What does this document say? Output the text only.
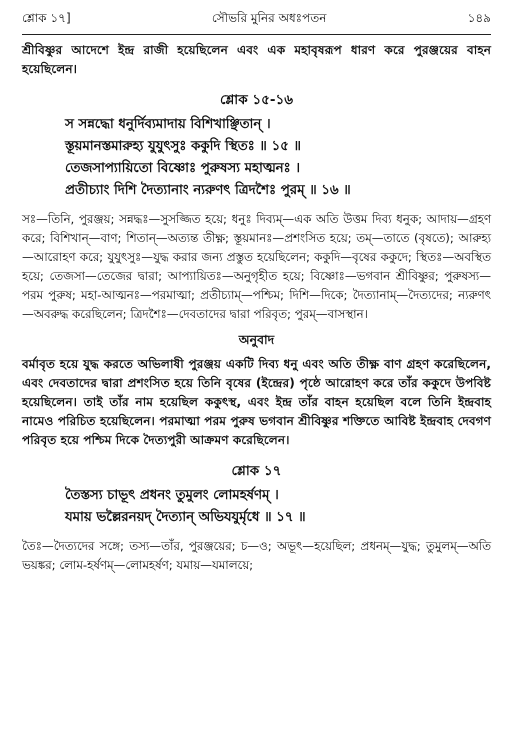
শ্লোক ১৭]	সৌভরি মুনির অধঃপতন	১৪৯

শ্রীবিষ্ণুর আদেশে ইন্দ্র রাজী হয়েছিলেন এবং এক মহাবৃষরূপ ধারণ করে পুরঞ্জয়ের বাহন হয়েছিলেন।

শ্লোক ১৫-১৬
স সন্নদ্ধো ধনুর্দিব্যমাদায় বিশিখাঞ্ছিতান্ ।
স্তূয়মানস্তমারুহ্য যুযুৎসুঃ ককুদি স্থিতঃ ॥ ১৫ ॥
তেজসাপ্যায়িতো বিষ্ণোঃ পুরুষস্য মহাত্মনঃ ।
প্রতীচ্যাং দিশি দৈত্যানাং ন্যরুণৎ ত্রিদশৈঃ পুরম্ ॥ ১৬ ॥

সঃ—তিনি, পুরঞ্জয়; সন্নদ্ধঃ—সুসজ্জিত হয়ে; ধনুঃ দিব্যম্—এক অতি উত্তম দিব্য ধনুক; আদায়—গ্রহণ করে; বিশিখান্—বাণ; শিতান্—অত্যন্ত তীক্ষ্ণ; স্তূয়মানঃ—প্রশংসিত হয়ে; তম্—তাতে (বৃষতে); আরুহ্য—আরোহণ করে; যুযুৎসুঃ—যুদ্ধ করার জন্য প্রস্তুত হয়েছিলেন; ককুদি—বৃষের ককুদে; স্থিতঃ—অবস্থিত হয়ে; তেজসা—তেজের দ্বারা; আপ্যায়িতঃ—অনুগৃহীত হয়ে; বিষ্ণোঃ—ভগবান শ্রীবিষ্ণুর; পুরুষস্য—পরম পুরুষ; মহা-আত্মনঃ—পরমাত্মা; প্রতীচ্যাম্—পশ্চিম; দিশি—দিকে; দৈত্যানাম্—দৈত্যদের; ন্যরুণৎ—অবরুদ্ধ করেছিলেন; ত্রিদশৈঃ—দেবতাদের দ্বারা পরিবৃত; পুরম্—বাসস্থান।

অনুবাদ

বর্মাবৃত হয়ে যুদ্ধ করতে অভিলাষী পুরঞ্জয় একটি দিব্য ধনু এবং অতি তীক্ষ্ণ বাণ গ্রহণ করেছিলেন, এবং দেবতাদের দ্বারা প্রশংসিত হয়ে তিনি বৃষের (ইন্দ্রের) পৃষ্ঠে আরোহণ করে তাঁর ককুদে উপবিষ্ট হয়েছিলেন। তাই তাঁর নাম হয়েছিল ককুৎস্থ, এবং ইন্দ্র তাঁর বাহন হয়েছিল বলে তিনি ইন্দ্রবাহ নামেও পরিচিত হয়েছিলেন। পরমাত্মা পরম পুরুষ ভগবান শ্রীবিষ্ণুর শক্তিতে আবিষ্ট ইন্দ্রবাহ দেবগণ পরিবৃত হয়ে পশ্চিম দিকে দৈত্যপুরী আক্রমণ করেছিলেন।

শ্লোক ১৭
তৈস্তস্য চাভূৎ প্রধনং তুমুলং লোমহর্ষণম্ ।
যমায় ভল্লৈরনয়দ্ দৈত্যান্ অভিযযুর্মৃধে ॥ ১৭ ॥

তৈঃ—দৈত্যদের সঙ্গে; তস্য—তাঁর, পুরঞ্জয়ের; চ—ও; অভূৎ—হয়েছিল; প্রধনম্—যুদ্ধ; তুমুলম্—অতি ভয়ঙ্কর; লোম-হর্ষণম্—লোমহর্ষণ; যমায়—যমালয়ে;
